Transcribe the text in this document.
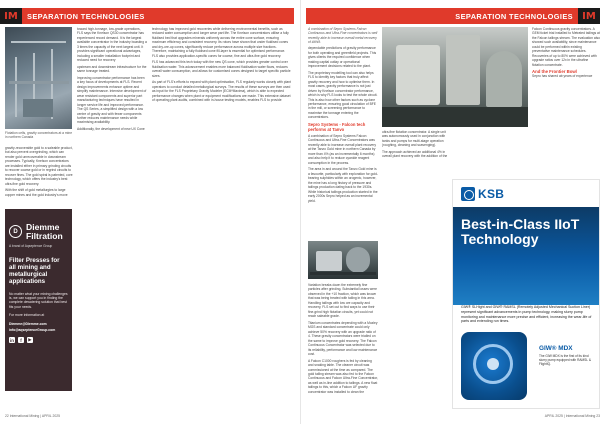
IM	SEPARATION TECHNOLOGIES
Flotation cells, gravity concentrators at a mine in northern Canada

gravity-recoverable gold to a saleable product, but also prevent overgrinding, which can render gold unrecoverable in downstream processes. Typically, Knelson concentrators are installed either in primary grinding circuits to recover coarse gold or in regrind circuits to recover fines. The gold spiral is patented, core technology, which offers the industry's best ultra-fine gold recovery.

With the shift of gold metallurgies to large copper mines and the gold industry's move

D Diemme
Filtration
A brand of Aqseptence Group
Filter Presses for all mining and metallurgical applications
No matter what your mining challenges is, we can support you in finding the complete dewatering solution that best fits your needs.
For more information at
Diemme@Diemme.com
info@aqseptenceGroup.com
in	f	▶

toward high-tonnage, low-grade operations, FLS says the Knelson QS30 concentrator has experienced record demand. It is the largest available concentrator in the industry boasting a 3 times the capacity of the next largest unit. It provides significant operational advantages, including a smaller installation footprint and reduced need for recovery

upstream and downstream infrastructure for the same tonnage treated.

Improving concentrator performance has been a key focus of developments at FLS. Recent design improvements enhance uptime and simplify maintenance. Intensive development of wear resistant components and superior part manufacturing techniques have resulted in longer service life and improved performance. The QS Series, a simplified design with a low centre of gravity and with fewer components further reduces maintenance needs while maximising availability.

Additionally, the development of new UX Cone

technology has improved gold recoveries while delivering environmental benefits, such as reduced water consumption and longer wear part life. The Knelson concentrators utilise a fully fluidised bed that upgrades minerals uniformly across the entire cone surface, ensuring maximum efficiency and consistent recovery. Its rotors have shown that under fluidised cones and dry-ore-up cones, significantly reduce performance across multiple size fractions. Therefore, maintaining a fully fluidised cone fill-layer is essential for optimised performance. FLS also provides application-specific cones for coarse, fine and ultra-fine gold recovery.

FLS has advanced this tech today with the new QS cone, which provides greater control over fluidisation water. This advancement enables more balanced fluidisation water flows, reduces overall water consumption, and allows for customised cones designed to target specific particle sizes.

As part of FLS's efforts to expand with plant optimisation, FLS regularly works closely with plant operators to conduct detailed metallurgical surveys. The results of these surveys are then used as input for the FLS Proprietary Gravity Modeler (ECM*Maxima), which is able to expected performance changes when plant or equipment modifications are made. This extensive dataset of operating plant audits, combined with in-house testing models, enables FLS to provide

22 International Mining | APRIL 2025
SEPARATION TECHNOLOGIES IM

A combination of Sepro Systems Falcon Continuous and Ultra-Fine concentrators is well recently able to increase overall metal recovery of 4kW/t.

dependable predictions of gravity performance for both operating and greenfield projects. This gives clients the required confidence when making capital outlay or operational improvement decisions related to the plant.

The proprietary modelling tool can also helps FLS to identify key factors that truly affect gravity recovery and how to optimise them. In most cases, gravity performance is not just driven by Knelson concentrator performance, which is why FLS looks to test the whole circuit. This is also how other factors such as cyclone performance, ensuring good circulation of BFE in the mill, or screening performance to maximise the tonnage entering the concentrators.

Sepro Systems - Falcon tech performs at Tanvo

A combination of Sepro Systems Falcon Continuous and Ultra-Fine Concentrators was recently able to increase overall plant recovery at the Tanzo Gold mine in northern Canada by more than 4% (as an incrementally 6 months) and also help it to reduce cyanide reagent consumption in the process.

The area in and around the Tanzo Gold mine is a favourite, particularly with exploration for gold-bearing sulphides within an orogenic, however, the mine has a long history of pressure and tailings production dating back to the 1930s. While historical tailings production started in the early 2000s Sepro helped as an incremental yield.

Variation breaks down the extremely fine particles after grinding. Substantial losses were observed in the +10 fraction, which was known that was being treated with tailing in this area. Handling tailings with low ore capacity and recovery, FLS set out to find ways to use their fine-grind high flotation circuits, yet could not reach saleable grade.

Titanium concentrates depending with a Mozley MGS and standard concentrate could only achieve 50% recovery with an upgrade ratio of 4. These gravity concentrators were trialled on the same to improve gold recovery. The Falcon Continuous Concentrator was selected due to its reliability, performance and low maintenance cost.

A Falcon C1000 roughers is fed by cleaning and snaking table. The cleaner circuit was commissioned at the time as compared. The gold tailing stream was also fed to the Falcon Continuous and Falcon Ultra-Fine Concentrator, as well as in-line addition to tailings. A new float tailings to this, which a Falcon UF gravity concentrator was installed to clean the

ultra-fine flotation concentrator. A single unit was autonomously used in conjunction with tanks and pumps for multi-stage operation (roughing, cleaning and scavenging).

The approach achieved an additional 4% in overall plant recovery with the addition of the

Falcon Continuous gravity concentrators. A GEM ticket trial installed to Metrated tailings at the Falcon tailings stream. The evaluation also showed such availability, since maintenance could be performed within existing preventative maintenance schedules. Recoveries of up to 80% were achieved with upgrade ratios over 12x in the ultrafine flotation concentrate.

And the Frontier Bowl

Sepro has shared ab years of experience

KSB
Best-in-Class IIoT Technology
GIW® SLHight and GIW® RAMSL (Remotely Adjusted Mechanical Suction Liner) represent significant advancements in pump technology, making slurry pump monitoring and maintenance more precise and efficient, increasing the wear-life of parts and extending run times.
GIW® MDX
The GIW MDX is the first of its kind slurry pump equipped with RAMSL & FlightIQ.
APRIL 2025 | International Mining 23
